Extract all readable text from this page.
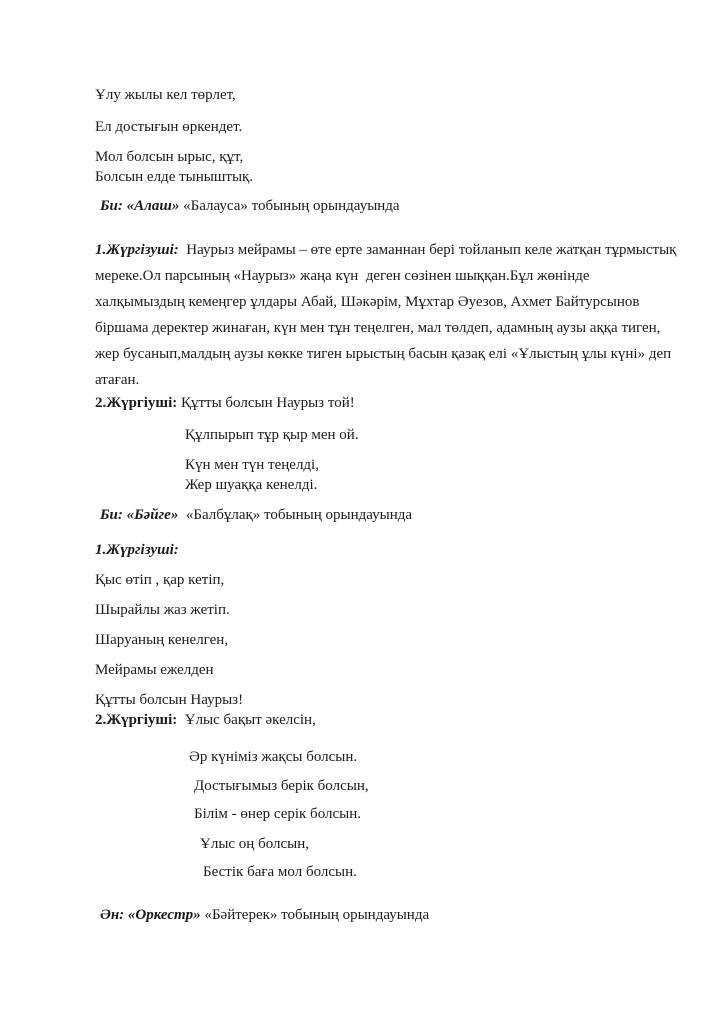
Ұлу жылы кел төрлет,
Ел достығын өркендет.
Мол болсын ырыс, құт,
Болсын елде тыныштық.
Би: «Алаш» «Балауса» тобының орындауында
1.Жүргізуші:  Наурыз мейрамы – өте ерте заманнан бері тойланып келе жатқан тұрмыстық
мереке.Ол парсының «Наурыз» жаңа күн  деген сөзінен шыққан.Бұл жөнінде
халқымыздың кемеңгер ұлдары Абай, Шәкәрім, Мұхтар Әуезов, Ахмет Байтурсынов
біршама деректер жинаған, күн мен тұн теңелген, мал төлдеп, адамның аузы аққа тиген,
жер бусанып,малдың аузы көкке тиген ырыстың басын қазақ елі «Ұлыстың ұлы күні» деп
атаған.
2.Жүргіуші: Құтты болсын Наурыз той!
Құлпырып тұр қыр мен ой.
Күн мен түн теңелді,
Жер шуаққа кенелді.
Би: «Бәйге»  «Балбұлақ» тобының орындауында
1.Жүргізуші:
Қыс өтіп , қар кетіп,
Шырайлы жаз жетіп.
Шаруаның кенелген,
Мейрамы ежелден
Құтты болсын Наурыз!
2.Жүргіуші:  Ұлыс бақыт әкелсін,
Әр күніміз жақсы болсын.
Достығымыз берік болсын,
Білім - өнер серік болсын.
Ұлыс оң болсын,
Бестік баға мол болсын.
Ән: «Оркестр» «Бәйтерек» тобының орындауында
